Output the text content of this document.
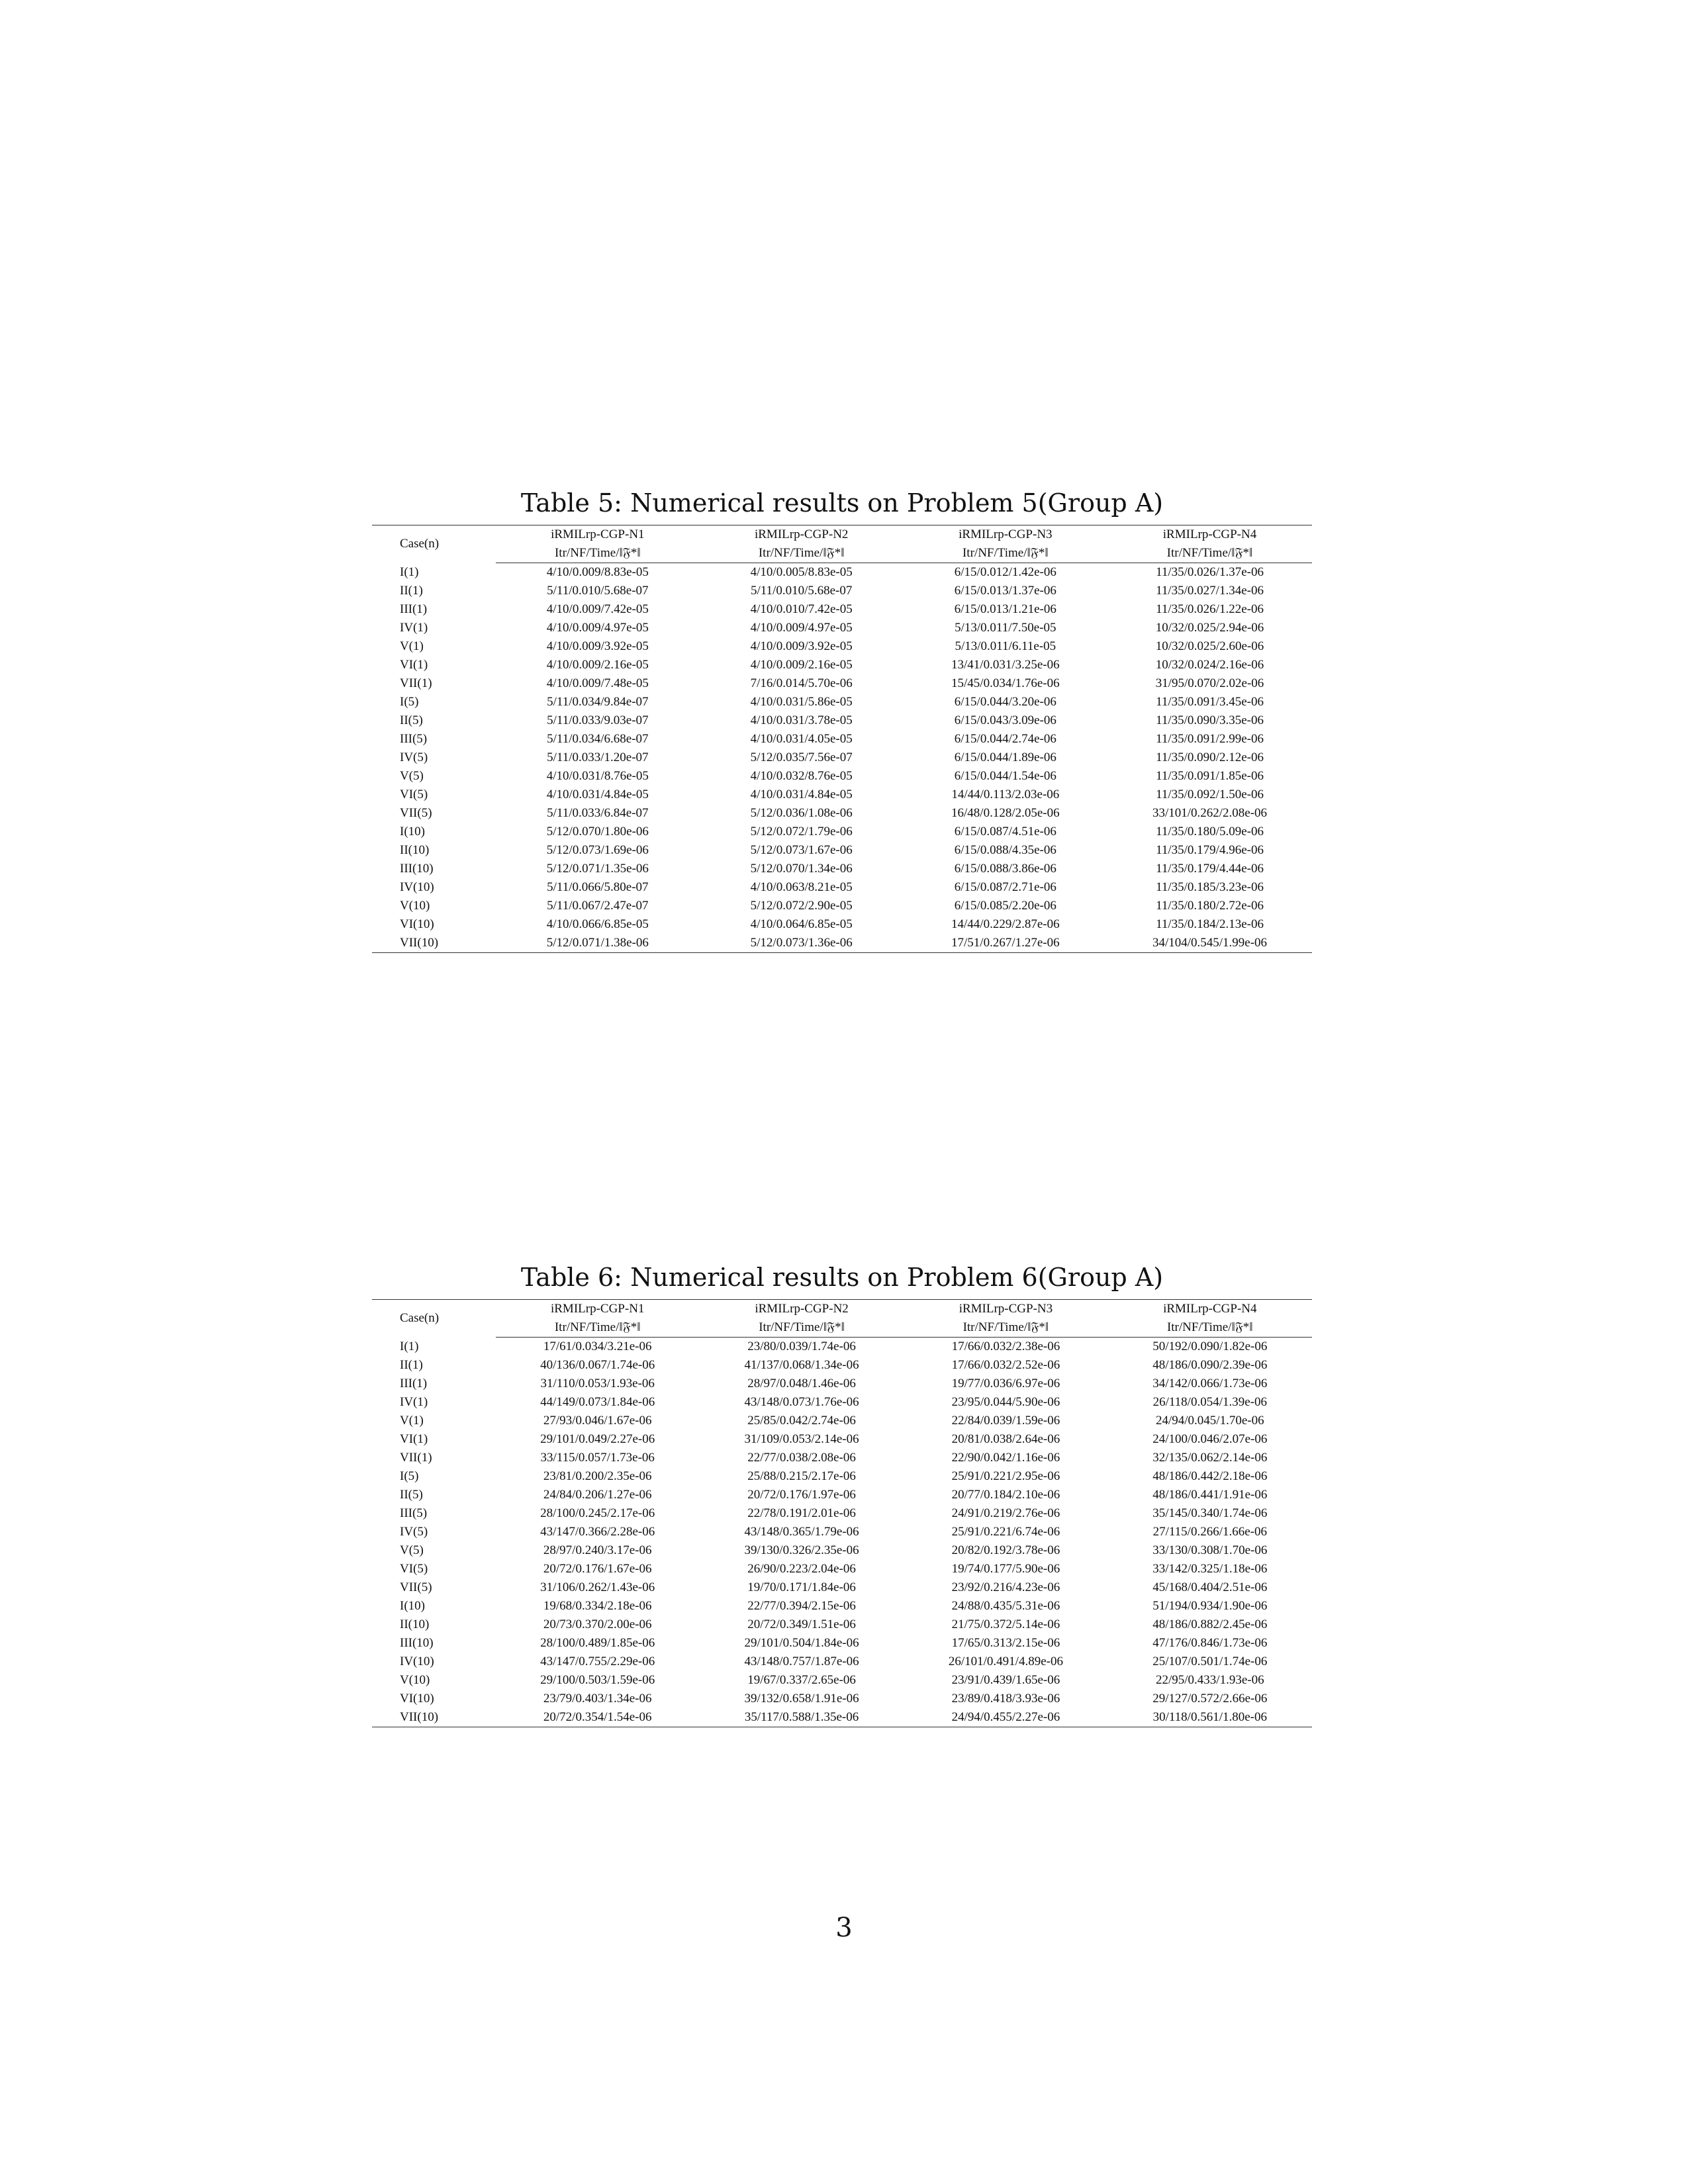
Table 5: Numerical results on Problem 5(Group A)
Case(n)	iRMILrp-CGP-N1	iRMILrp-CGP-N2	iRMILrp-CGP-N3	iRMILrp-CGP-N4
	Itr/NF/Time/‖𝔉*‖	Itr/NF/Time/‖𝔉*‖	Itr/NF/Time/‖𝔉*‖	Itr/NF/Time/‖𝔉*‖
I(1)	4/10/0.009/8.83e-05	4/10/0.005/8.83e-05	6/15/0.012/1.42e-06	11/35/0.026/1.37e-06
II(1)	5/11/0.010/5.68e-07	5/11/0.010/5.68e-07	6/15/0.013/1.37e-06	11/35/0.027/1.34e-06
III(1)	4/10/0.009/7.42e-05	4/10/0.010/7.42e-05	6/15/0.013/1.21e-06	11/35/0.026/1.22e-06
IV(1)	4/10/0.009/4.97e-05	4/10/0.009/4.97e-05	5/13/0.011/7.50e-05	10/32/0.025/2.94e-06
V(1)	4/10/0.009/3.92e-05	4/10/0.009/3.92e-05	5/13/0.011/6.11e-05	10/32/0.025/2.60e-06
VI(1)	4/10/0.009/2.16e-05	4/10/0.009/2.16e-05	13/41/0.031/3.25e-06	10/32/0.024/2.16e-06
VII(1)	4/10/0.009/7.48e-05	7/16/0.014/5.70e-06	15/45/0.034/1.76e-06	31/95/0.070/2.02e-06
I(5)	5/11/0.034/9.84e-07	4/10/0.031/5.86e-05	6/15/0.044/3.20e-06	11/35/0.091/3.45e-06
II(5)	5/11/0.033/9.03e-07	4/10/0.031/3.78e-05	6/15/0.043/3.09e-06	11/35/0.090/3.35e-06
III(5)	5/11/0.034/6.68e-07	4/10/0.031/4.05e-05	6/15/0.044/2.74e-06	11/35/0.091/2.99e-06
IV(5)	5/11/0.033/1.20e-07	5/12/0.035/7.56e-07	6/15/0.044/1.89e-06	11/35/0.090/2.12e-06
V(5)	4/10/0.031/8.76e-05	4/10/0.032/8.76e-05	6/15/0.044/1.54e-06	11/35/0.091/1.85e-06
VI(5)	4/10/0.031/4.84e-05	4/10/0.031/4.84e-05	14/44/0.113/2.03e-06	11/35/0.092/1.50e-06
VII(5)	5/11/0.033/6.84e-07	5/12/0.036/1.08e-06	16/48/0.128/2.05e-06	33/101/0.262/2.08e-06
I(10)	5/12/0.070/1.80e-06	5/12/0.072/1.79e-06	6/15/0.087/4.51e-06	11/35/0.180/5.09e-06
II(10)	5/12/0.073/1.69e-06	5/12/0.073/1.67e-06	6/15/0.088/4.35e-06	11/35/0.179/4.96e-06
III(10)	5/12/0.071/1.35e-06	5/12/0.070/1.34e-06	6/15/0.088/3.86e-06	11/35/0.179/4.44e-06
IV(10)	5/11/0.066/5.80e-07	4/10/0.063/8.21e-05	6/15/0.087/2.71e-06	11/35/0.185/3.23e-06
V(10)	5/11/0.067/2.47e-07	5/12/0.072/2.90e-05	6/15/0.085/2.20e-06	11/35/0.180/2.72e-06
VI(10)	4/10/0.066/6.85e-05	4/10/0.064/6.85e-05	14/44/0.229/2.87e-06	11/35/0.184/2.13e-06
VII(10)	5/12/0.071/1.38e-06	5/12/0.073/1.36e-06	17/51/0.267/1.27e-06	34/104/0.545/1.99e-06
Table 6: Numerical results on Problem 6(Group A)
Case(n)	iRMILrp-CGP-N1	iRMILrp-CGP-N2	iRMILrp-CGP-N3	iRMILrp-CGP-N4
	Itr/NF/Time/‖𝔉*‖	Itr/NF/Time/‖𝔉*‖	Itr/NF/Time/‖𝔉*‖	Itr/NF/Time/‖𝔉*‖
I(1)	17/61/0.034/3.21e-06	23/80/0.039/1.74e-06	17/66/0.032/2.38e-06	50/192/0.090/1.82e-06
II(1)	40/136/0.067/1.74e-06	41/137/0.068/1.34e-06	17/66/0.032/2.52e-06	48/186/0.090/2.39e-06
III(1)	31/110/0.053/1.93e-06	28/97/0.048/1.46e-06	19/77/0.036/6.97e-06	34/142/0.066/1.73e-06
IV(1)	44/149/0.073/1.84e-06	43/148/0.073/1.76e-06	23/95/0.044/5.90e-06	26/118/0.054/1.39e-06
V(1)	27/93/0.046/1.67e-06	25/85/0.042/2.74e-06	22/84/0.039/1.59e-06	24/94/0.045/1.70e-06
VI(1)	29/101/0.049/2.27e-06	31/109/0.053/2.14e-06	20/81/0.038/2.64e-06	24/100/0.046/2.07e-06
VII(1)	33/115/0.057/1.73e-06	22/77/0.038/2.08e-06	22/90/0.042/1.16e-06	32/135/0.062/2.14e-06
I(5)	23/81/0.200/2.35e-06	25/88/0.215/2.17e-06	25/91/0.221/2.95e-06	48/186/0.442/2.18e-06
II(5)	24/84/0.206/1.27e-06	20/72/0.176/1.97e-06	20/77/0.184/2.10e-06	48/186/0.441/1.91e-06
III(5)	28/100/0.245/2.17e-06	22/78/0.191/2.01e-06	24/91/0.219/2.76e-06	35/145/0.340/1.74e-06
IV(5)	43/147/0.366/2.28e-06	43/148/0.365/1.79e-06	25/91/0.221/6.74e-06	27/115/0.266/1.66e-06
V(5)	28/97/0.240/3.17e-06	39/130/0.326/2.35e-06	20/82/0.192/3.78e-06	33/130/0.308/1.70e-06
VI(5)	20/72/0.176/1.67e-06	26/90/0.223/2.04e-06	19/74/0.177/5.90e-06	33/142/0.325/1.18e-06
VII(5)	31/106/0.262/1.43e-06	19/70/0.171/1.84e-06	23/92/0.216/4.23e-06	45/168/0.404/2.51e-06
I(10)	19/68/0.334/2.18e-06	22/77/0.394/2.15e-06	24/88/0.435/5.31e-06	51/194/0.934/1.90e-06
II(10)	20/73/0.370/2.00e-06	20/72/0.349/1.51e-06	21/75/0.372/5.14e-06	48/186/0.882/2.45e-06
III(10)	28/100/0.489/1.85e-06	29/101/0.504/1.84e-06	17/65/0.313/2.15e-06	47/176/0.846/1.73e-06
IV(10)	43/147/0.755/2.29e-06	43/148/0.757/1.87e-06	26/101/0.491/4.89e-06	25/107/0.501/1.74e-06
V(10)	29/100/0.503/1.59e-06	19/67/0.337/2.65e-06	23/91/0.439/1.65e-06	22/95/0.433/1.93e-06
VI(10)	23/79/0.403/1.34e-06	39/132/0.658/1.91e-06	23/89/0.418/3.93e-06	29/127/0.572/2.66e-06
VII(10)	20/72/0.354/1.54e-06	35/117/0.588/1.35e-06	24/94/0.455/2.27e-06	30/118/0.561/1.80e-06
3
